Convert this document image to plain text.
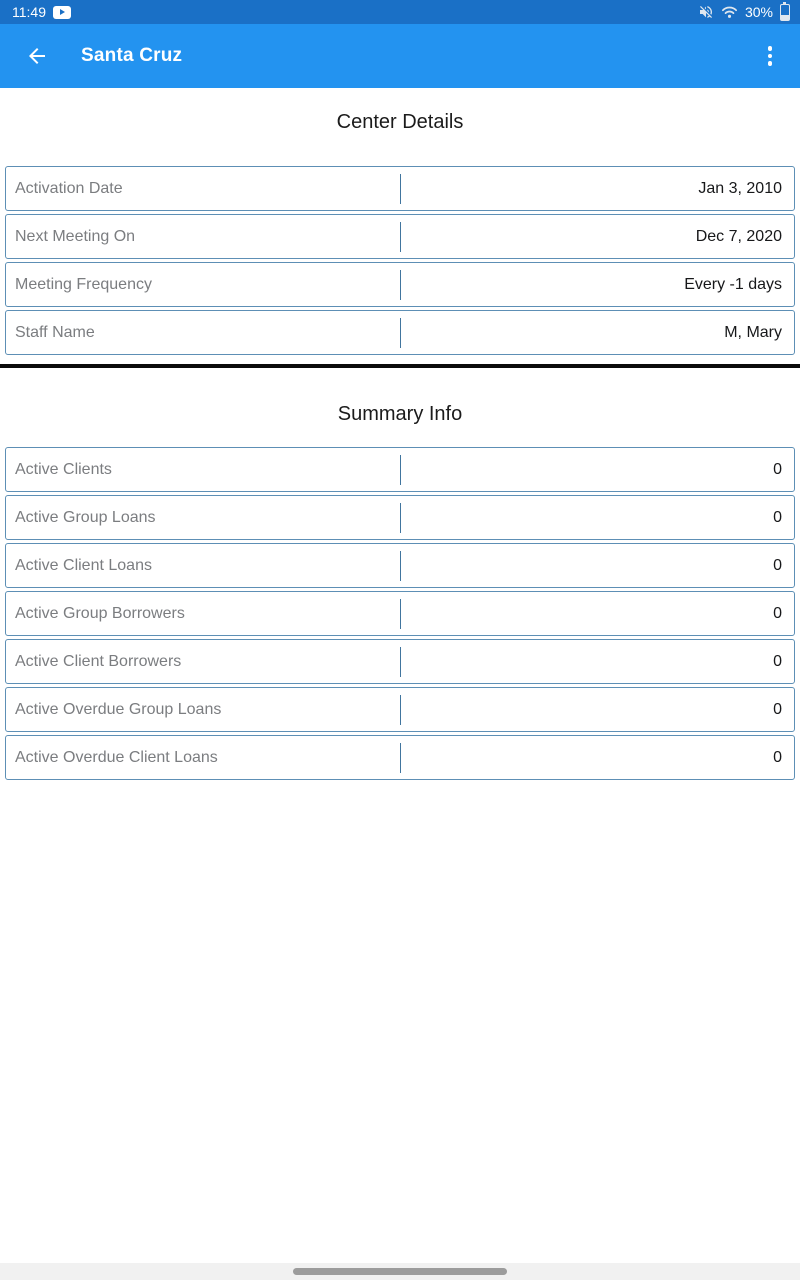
11:49	30%
Santa Cruz
Center Details
Activation Date	Jan 3, 2010
Next Meeting On	Dec 7, 2020
Meeting Frequency	Every -1 days
Staff Name	M, Mary
Summary Info
Active Clients	0
Active Group Loans	0
Active Client Loans	0
Active Group Borrowers	0
Active Client Borrowers	0
Active Overdue Group Loans	0
Active Overdue Client Loans	0
